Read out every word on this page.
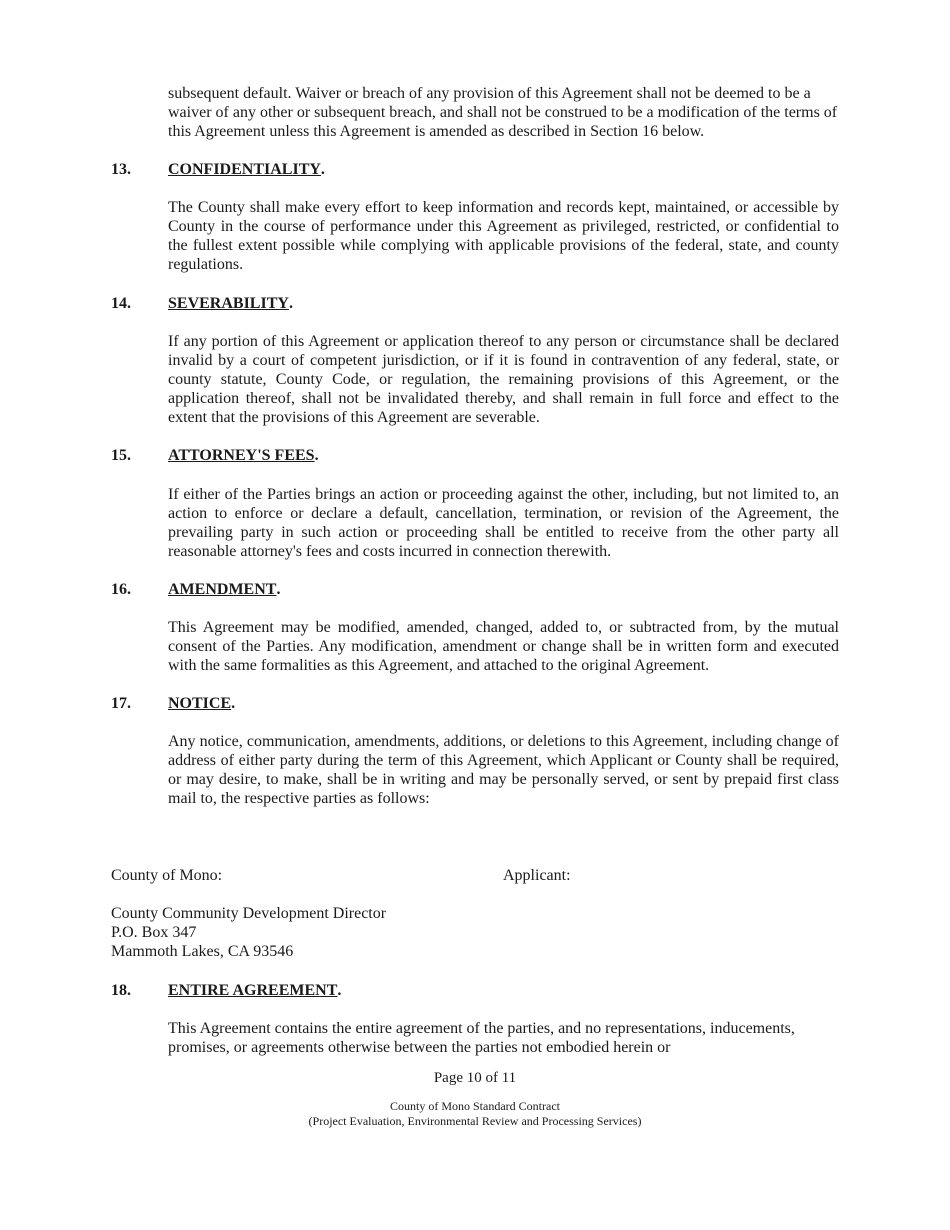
subsequent default. Waiver or breach of any provision of this Agreement shall not be deemed to be a waiver of any other or subsequent breach, and shall not be construed to be a modification of the terms of this Agreement unless this Agreement is amended as described in Section 16 below.

13.	CONFIDENTIALITY .

The County shall make every effort to keep information and records kept, maintained, or accessible by County in the course of performance under this Agreement as privileged, restricted, or confidential to the fullest extent possible while complying with applicable provisions of the federal, state, and county regulations.

14.	SEVERABILITY .

If any portion of this Agreement or application thereof to any person or circumstance shall be declared invalid by a court of competent jurisdiction, or if it is found in contravention of any federal, state, or county statute, County Code, or regulation, the remaining provisions of this Agreement, or the application thereof, shall not be invalidated thereby, and shall remain in full force and effect to the extent that the provisions of this Agreement are severable.

15.	ATTORNEY'S FEES .

If either of the Parties brings an action or proceeding against the other, including, but not limited to, an action to enforce or declare a default, cancellation, termination, or revision of the Agreement, the prevailing party in such action or proceeding shall be entitled to receive from the other party all reasonable attorney's fees and costs incurred in connection therewith.

16.	AMENDMENT .

This Agreement may be modified, amended, changed, added to, or subtracted from, by the mutual consent of the Parties. Any modification, amendment or change shall be in written form and executed with the same formalities as this Agreement, and attached to the original Agreement.

17.	NOTICE .

Any notice, communication, amendments, additions, or deletions to this Agreement, including change of address of either party during the term of this Agreement, which Applicant or County shall be required, or may desire, to make, shall be in writing and may be personally served, or sent by prepaid first class mail to, the respective parties as follows:

County of Mono:	Applicant:
County Community Development Director
P.O. Box 347
Mammoth Lakes, CA 93546
18.	ENTIRE AGREEMENT .

This Agreement contains the entire agreement of the parties, and no representations, inducements, promises, or agreements otherwise between the parties not embodied herein or

Page 10 of 11
County of Mono Standard Contract
(Project Evaluation, Environmental Review and Processing Services)
